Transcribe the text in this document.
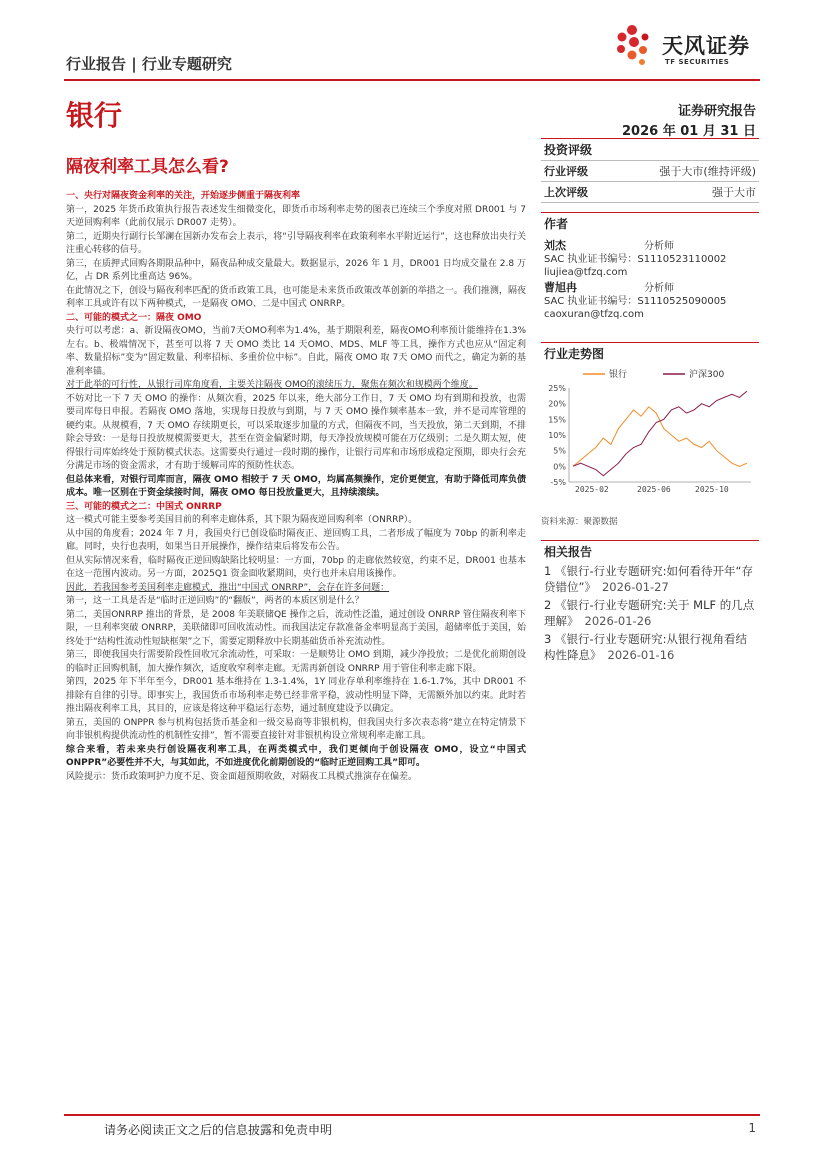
行业报告 | 行业专题研究
天风证券
TF SECURITIES
银行	证券研究报告
2026 年 01 月 31 日
隔夜利率工具怎么看?

一、央行对隔夜资金利率的关注，开始逐步侧重于隔夜利率

第一，2025 年货币政策执行报告表述发生细微变化，即货币市场利率走势的图表已连续三个季度对照 DR001 与 7 天逆回购利率（此前仅展示 DR007 走势）。

第二，近期央行副行长邹澜在国新办发布会上表示，将“引导隔夜利率在政策利率水平附近运行”，这也释放出央行关注重心转移的信号。

第三，在质押式回购各期限品种中，隔夜品种成交量最大。数据显示，2026 年 1 月，DR001 日均成交量在 2.8 万亿，占 DR 系列比重高达 96%。

在此情况之下，创设与隔夜利率匹配的货币政策工具，也可能是未来货币政策改革创新的举措之一。我们推测，隔夜利率工具或许有以下两种模式，一是隔夜 OMO、二是中国式 ONRRP。

二、可能的模式之一：隔夜 OMO

央行可以考虑：a、新设隔夜OMO，当前7天OMO利率为1.4%，基于期限利差，隔夜OMO利率预计能维持在1.3%左右。b、极端情况下，甚至可以将 7 天 OMO 类比 14 天OMO、MDS、MLF 等工具，操作方式也应从“固定利率、数量招标”变为“固定数量、利率招标、多重价位中标”。自此，隔夜 OMO 取 7天 OMO 而代之，确定为新的基准利率锚。

对于此举的可行性，从银行司库角度看，主要关注隔夜 OMO的滚续压力，聚焦在频次和规模两个维度。

不妨对比一下 7 天 OMO 的操作：从频次看，2025 年以来，绝大部分工作日，7 天 OMO 均有到期和投放，也需要司库每日申报。若隔夜 OMO 落地，实现每日投放与到期，与 7 天 OMO 操作频率基本一致，并不是司库管理的硬约束。从规模看，7 天 OMO 存续期更长，可以采取逐步加量的方式，但隔夜不同，当天投放，第二天到期，不排除会导致：一是每日投放规模需要更大，甚至在资金偏紧时期，每天净投放规模可能在万亿级别；二是久期太短，使得银行司库始终处于预防模式状态。这需要央行通过一段时期的操作，让银行司库和市场形成稳定预期，即央行会充分满足市场的资金需求，才有助于缓解司库的预防性状态。

但总体来看，对银行司库而言，隔夜 OMO 相较于 7 天 OMO，均属高频操作，定价更便宜，有助于降低司库负债成本。唯一区别在于资金续接时间，隔夜 OMO 每日投放量更大，且持续滚续。

三、可能的模式之二：中国式 ONRRP

这一模式可能主要参考美国目前的利率走廊体系，其下限为隔夜逆回购利率（ONRRP）。

从中国的角度看；2024 年 7 月，我国央行已创设临时隔夜正、逆回购工具，二者形成了幅度为 70bp 的新利率走廊。同时，央行也表明，如果当日开展操作，操作结束后将发布公告。

但从实际情况来看，临时隔夜正逆回购缺陷比较明显：一方面，70bp 的走廊依然较宽，约束不足，DR001 也基本在这一范围内波动。另一方面，2025Q1 资金面收紧期间，央行也并未启用该操作。

因此，若我国参考美国利率走廊模式，推出“中国式 ONRRP”，会存在许多问题：

第一，这一工具是否是“临时正逆回购”的“翻版”，两者的本质区别是什么？

第二，美国ONRRP 推出的背景，是 2008 年美联储QE 操作之后，流动性泛滥，通过创设 ONRRP 管住隔夜利率下限，一旦利率突破 ONRRP，美联储即可回收流动性。而我国法定存款准备金率明显高于美国，超储率低于美国，始终处于“结构性流动性短缺框架”之下，需要定期释放中长期基础货币补充流动性。

第三，即便我国央行需要阶段性回收冗余流动性，可采取：一是顺势让 OMO 到期，减少净投放；二是优化前期创设的临时正回购机制，加大操作频次，适度收窄利率走廊。无需再新创设 ONRRP 用于管住利率走廊下限。

第四，2025 年下半年至今，DR001 基本维持在 1.3-1.4%，1Y 同业存单利率维持在 1.6-1.7%，其中 DR001 不排除有自律的引导。即事实上，我国货币市场利率走势已经非常平稳，波动性明显下降，无需额外加以约束。此时若推出隔夜利率工具，其目的，应该是将这种平稳运行态势，通过制度建设予以确定。

第五，美国的 ONPPR 参与机构包括货币基金和一级交易商等非银机构，但我国央行多次表态将“建立在特定情景下向非银机构提供流动性的机制性安排”，暂不需要直接针对非银机构设立常规利率走廊工具。

综合来看，若未来央行创设隔夜利率工具，在两类模式中，我们更倾向于创设隔夜 OMO，设立“中国式ONPPR”必要性并不大，与其如此，不如进度优化前期创设的“临时正逆回购工具”即可。

风险提示：货币政策呵护力度不足、资金面超预期收敛，对隔夜工具模式推演存在偏差。

投资评级
行业评级	强于大市(维持评级)
上次评级	强于大市
作者
刘杰	分析师
SAC 执业证书编号：S1110523110002
liujiea@tfzq.com
曹旭冉	分析师
SAC 执业证书编号：S1110525090005
caoxuran@tfzq.com
行业走势图
银行	沪深300
25%
20%
15%
10%
5%
0%
-5%
2025-02	2025-06	2025-10
资料来源：聚源数据
相关报告
1 《银行-行业专题研究:如何看待开年“存贷错位”》 2026-01-27
2 《银行-行业专题研究:关于 MLF 的几点理解》 2026-01-26
3 《银行-行业专题研究:从银行视角看结构性降息》 2026-01-16
请务必阅读正文之后的信息披露和免责申明	1
